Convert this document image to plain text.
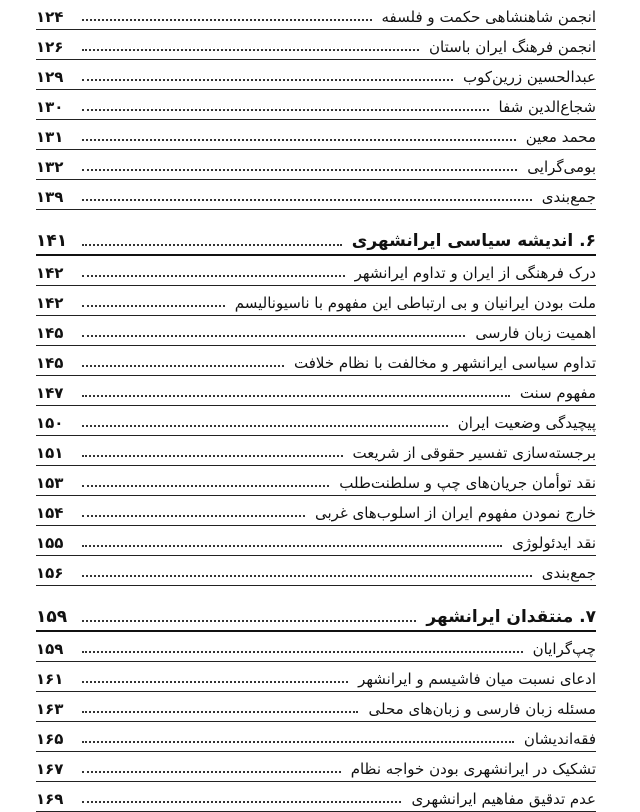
انجمن شاهنشاهی حکمت و فلسفه
۱۲۴
انجمن فرهنگ ایران باستان
۱۲۶
عبدالحسین زرین‌کوب
۱۲۹
شجاع‌الدین شفا
۱۳۰
محمد معین
۱۳۱
بومی‌گرایی
۱۳۲
جمع‌بندی
۱۳۹
۶. اندیشه سیاسی ایرانشهری
۱۴۱
درک فرهنگی از ایران و تداوم ایرانشهر
۱۴۲
ملت بودن ایرانیان و بی ارتباطی این مفهوم با ناسیونالیسم
۱۴۲
اهمیت زبان فارسی
۱۴۵
تداوم سیاسی ایرانشهر و مخالفت با نظام خلافت
۱۴۵
مفهوم سنت
۱۴۷
پیچیدگی وضعیت ایران
۱۵۰
برجسته‌سازی تفسیر حقوقی از شریعت
۱۵۱
نقد توأمان جریان‌های چپ و سلطنت‌طلب
۱۵۳
خارج نمودن مفهوم ایران از اسلوب‌های غربی
۱۵۴
نقد ایدئولوژی
۱۵۵
جمع‌بندی
۱۵۶
۷. منتقدان ایرانشهر
۱۵۹
چپ‌گرایان
۱۵۹
ادعای نسبت میان فاشیسم و ایرانشهر
۱۶۱
مسئله زبان فارسی و زبان‌های محلی
۱۶۳
فقه‌اندیشان
۱۶۵
تشکیک در ایرانشهری بودن خواجه نظام
۱۶۷
عدم تدقیق مفاهیم ایرانشهری
۱۶۹
